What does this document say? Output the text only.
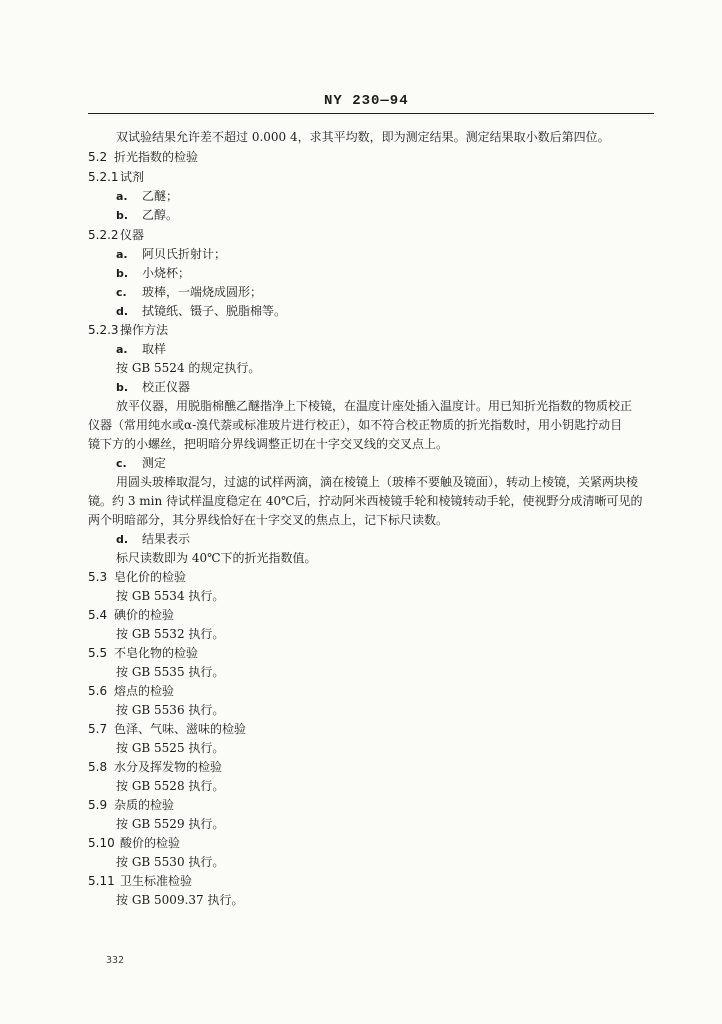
NY 230—94
双试验结果允许差不超过 0.000 4，求其平均数，即为测定结果。测定结果取小数后第四位。
5.2 折光指数的检验
5.2.1试剂
a. 乙醚；
b. 乙醇。
5.2.2仪器
a. 阿贝氏折射计；
b. 小烧杯；
c. 玻棒，一端烧成圆形；
d. 拭镜纸、镊子、脱脂棉等。
5.2.3操作方法
a. 取样
按 GB 5524 的规定执行。
b. 校正仪器
放平仪器，用脱脂棉醮乙醚揩净上下棱镜，在温度计座处插入温度计。用已知折光指数的物质校正
仪器（常用纯水或α-溴代萘或标准玻片进行校正），如不符合校正物质的折光指数时，用小钥匙拧动目
镜下方的小螺丝，把明暗分界线调整正切在十字交叉线的交叉点上。
c. 测定
用圆头玻棒取混匀，过滤的试样两滴，滴在棱镜上（玻棒不要触及镜面），转动上棱镜，关紧两块棱
镜。约 3 min 待试样温度稳定在 40℃后，拧动阿米西棱镜手轮和棱镜转动手轮，使视野分成清晰可见的
两个明暗部分，其分界线恰好在十字交叉的焦点上，记下标尺读数。
d. 结果表示
标尺读数即为 40℃下的折光指数值。
5.3 皂化价的检验
按 GB 5534 执行。
5.4 碘价的检验
按 GB 5532 执行。
5.5 不皂化物的检验
按 GB 5535 执行。
5.6 熔点的检验
按 GB 5536 执行。
5.7 色泽、气味、滋味的检验
按 GB 5525 执行。
5.8 水分及挥发物的检验
按 GB 5528 执行。
5.9 杂质的检验
按 GB 5529 执行。
5.10 酸价的检验
按 GB 5530 执行。
5.11 卫生标准检验
按 GB 5009.37 执行。
332
